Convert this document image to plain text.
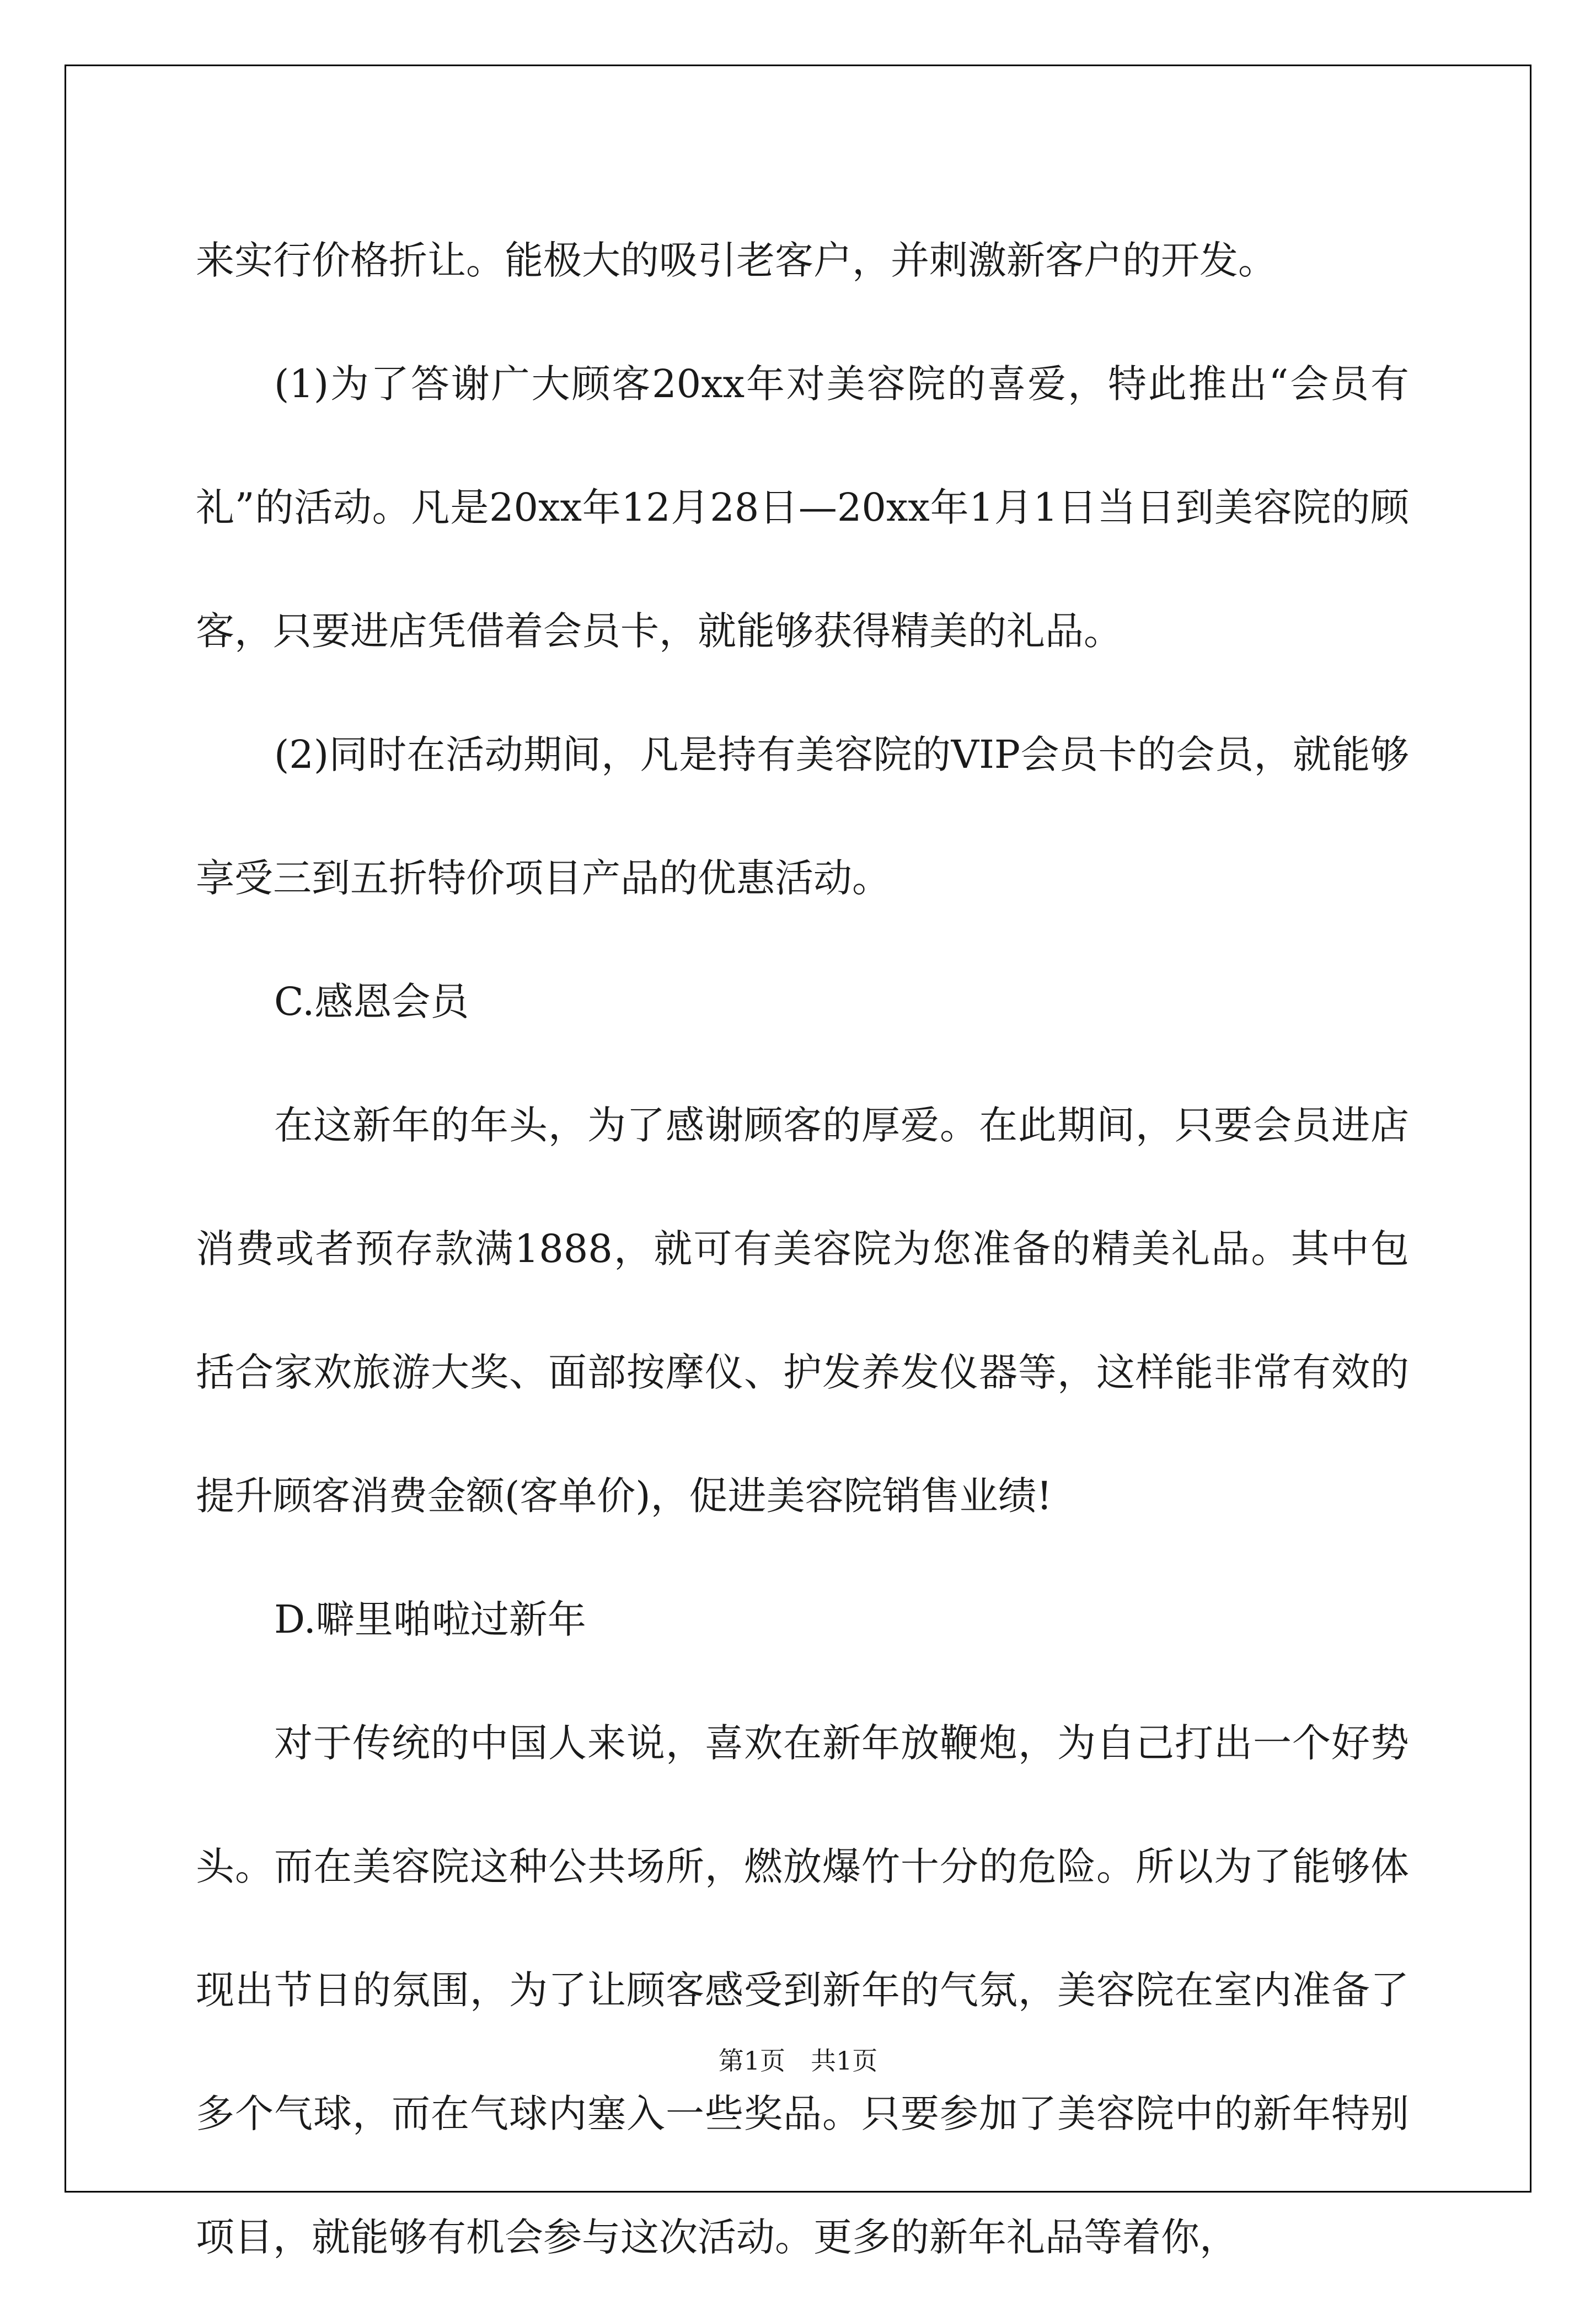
来实行价格折让。能极大的吸引老客户，并刺激新客户的开发。

(1)为了答谢广大顾客20xx年对美容院的喜爱，特此推出“会员有礼”的活动。凡是20xx年12月28日—20xx年1月1日当日到美容院的顾客，只要进店凭借着会员卡，就能够获得精美的礼品。

(2)同时在活动期间，凡是持有美容院的VIP会员卡的会员，就能够享受三到五折特价项目产品的优惠活动。

C.感恩会员

在这新年的年头，为了感谢顾客的厚爱。在此期间，只要会员进店消费或者预存款满1888，就可有美容院为您准备的精美礼品。其中包括合家欢旅游大奖、面部按摩仪、护发养发仪器等，这样能非常有效的提升顾客消费金额(客单价)，促进美容院销售业绩!

D.噼里啪啦过新年

对于传统的中国人来说，喜欢在新年放鞭炮，为自己打出一个好势头。而在美容院这种公共场所，燃放爆竹十分的危险。所以为了能够体现出节日的氛围，为了让顾客感受到新年的气氛，美容院在室内准备了多个气球，而在气球内塞入一些奖品。只要参加了美容院中的新年特别项目，就能够有机会参与这次活动。更多的新年礼品等着你，

第1页　共1页
